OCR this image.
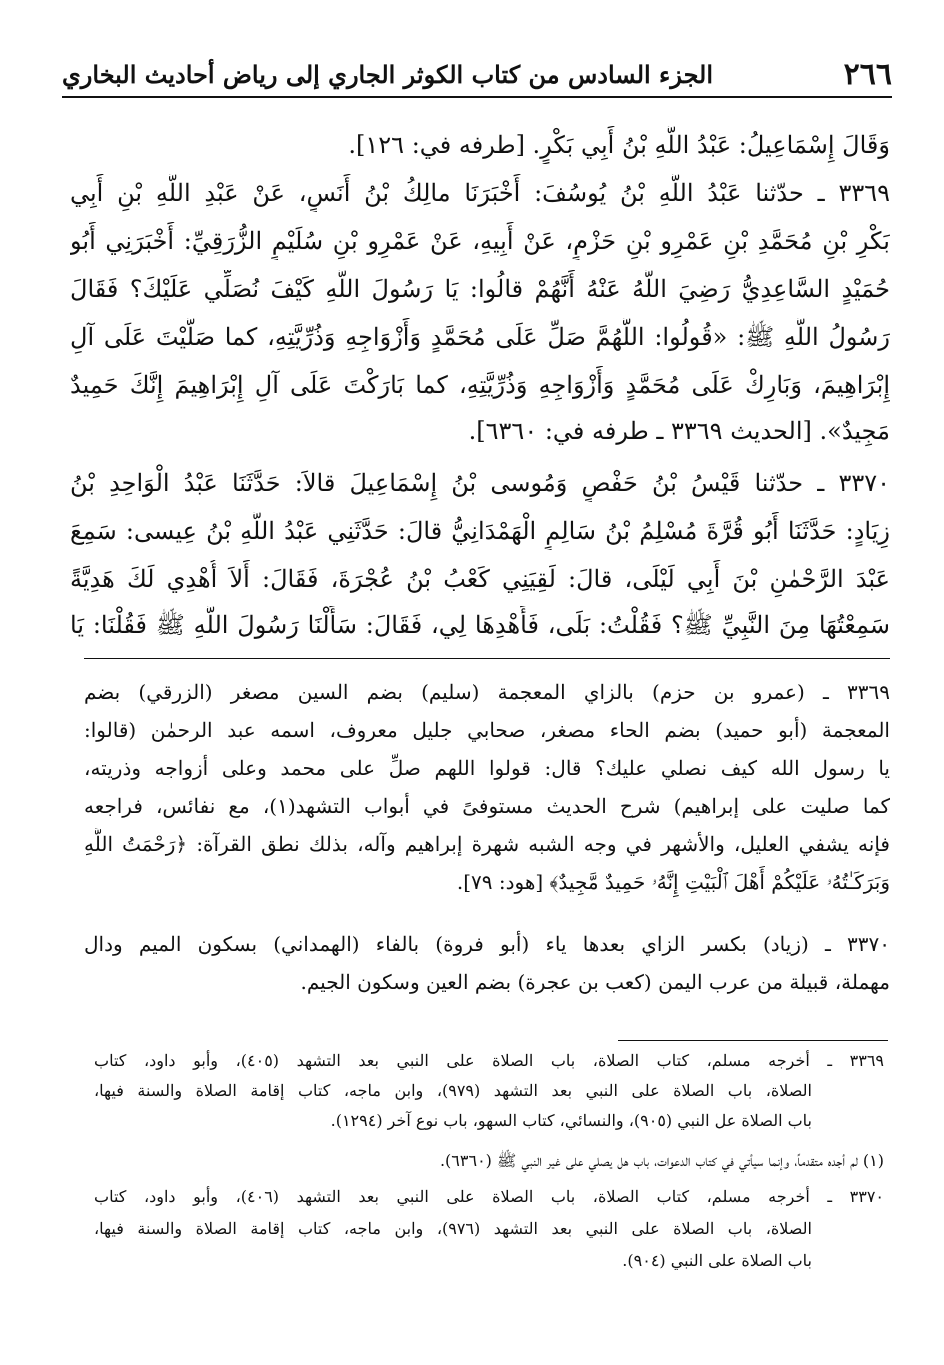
٢٦٦
الجزء السادس من كتاب الكوثر الجاري إلى رياض أحاديث البخاري

وَقَالَ إِسْمَاعِيلُ: عَبْدُ اللَّهِ بْنُ أَبِي بَكْرٍ. [طرفه في: ١٢٦].

٣٣٦٩ ـ حدّثنا عَبْدُ اللَّهِ بْنُ يُوسُفَ: أَخْبَرَنَا مالِكُ بْنُ أَنَسٍ، عَنْ عَبْدِ اللَّهِ بْنِ أَبِي

بَكْرِ بْنِ مُحَمَّدِ بْنِ عَمْرِو بْنِ حَزْمٍ، عَنْ أَبِيهِ، عَنْ عَمْرِو بْنِ سُلَيْمٍ الزُّرَقِيِّ: أَخْبَرَنِي أَبُو

حُمَيْدٍ السَّاعِدِيُّ رَضِيَ اللَّهُ عَنْهُ أَنَّهُمْ قالُوا: يَا رَسُولَ اللَّهِ كَيْفَ نُصَلِّي عَلَيْكَ؟ فَقَالَ

رَسُولُ اللَّهِ ﷺ: «قُولُوا: اللَّهُمَّ صَلِّ عَلَى مُحَمَّدٍ وَأَزْوَاجِهِ وَذُرِّيَّتِهِ، كما صَلَّيْتَ عَلَى آلِ

إِبْرَاهِيمَ، وَبَارِكْ عَلَى مُحَمَّدٍ وَأَزْوَاجِهِ وَذُرِّيَّتِهِ، كما بَارَكْتَ عَلَى آلِ إِبْرَاهِيمَ إِنَّكَ حَمِيدٌ

مَجِيدٌ». [الحديث ٣٣٦٩ ـ طرفه في: ٦٣٦٠].

٣٣٧٠ ـ حدّثنا قَيْسُ بْنُ حَفْصٍ وَمُوسى بْنُ إِسْمَاعِيلَ قالاَ: حَدَّثَنَا عَبْدُ الْوَاحِدِ بْنُ

زِيَادٍ: حَدَّثَنَا أَبُو قُرَّةَ مُسْلِمُ بْنُ سَالِمٍ الْهَمْدَانِيُّ قالَ: حَدَّثَنِي عَبْدُ اللَّهِ بْنُ عِيسى: سَمِعَ

عَبْدَ الرَّحْمٰنِ بْنَ أَبِي لَيْلَى، قالَ: لَقِيَنِي كَعْبُ بْنُ عُجْرَةَ، فَقَالَ: أَلاَ أُهْدِي لَكَ هَدِيَّةً

سَمِعْتُهَا مِنَ النَّبِيِّ ﷺ؟ فَقُلْتُ: بَلَى، فَأَهْدِهَا لِي، فَقَالَ: سَأَلْنَا رَسُولَ اللَّهِ ﷺ فَقُلْنَا: يَا

٣٣٦٩ ـ (عمرو بن حزم) بالزاي المعجمة (سليم) بضم السين مصغر (الزرقي) بضم

المعجمة (أبو حميد) بضم الحاء مصغر، صحابي جليل معروف، اسمه عبد الرحمٰن (قالوا:

يا رسول الله كيف نصلي عليك؟ قال: قولوا اللهم صلِّ على محمد وعلى أزواجه وذريته،

كما صليت على إبراهيم) شرح الحديث مستوفىً في أبواب التشهد(١)، مع نفائس، فراجعه

فإنه يشفي العليل، والأشهر في وجه الشبه شهرة إبراهيم وآله، بذلك نطق القرآة: ﴿رَحْمَتُ اللَّهِ

وَبَرَكَـٰتُهُۥ عَلَيْكُمْ أَهْلَ ٱلْبَيْتِ إِنَّهُۥ حَمِيدٌ مَّجِيدٌ﴾ [هود: ٧٩].

٣٣٧٠ ـ (زياد) بكسر الزاي بعدها ياء (أبو فروة) بالفاء (الهمداني) بسكون الميم ودال

مهملة، قبيلة من عرب اليمن (كعب بن عجرة) بضم العين وسكون الجيم.

٣٣٦٩ ـ أخرجه مسلم، كتاب الصلاة، باب الصلاة على النبي بعد التشهد (٤٠٥)، وأبو داود، كتاب

الصلاة، باب الصلاة على النبي بعد التشهد (٩٧٩)، وابن ماجه، كتاب إقامة الصلاة والسنة فيها،

باب الصلاة عل النبي (٩٠٥)، والنسائي، كتاب السهو، باب نوع آخر (١٢٩٤).

(١) لم أجده متقدماً، وإنما سيأتي في كتاب الدعوات، باب هل يصلي على غير النبي ﷺ (٦٣٦٠).

٣٣٧٠ ـ أخرجه مسلم، كتاب الصلاة، باب الصلاة على النبي بعد التشهد (٤٠٦)، وأبو داود، كتاب

الصلاة، باب الصلاة على النبي بعد التشهد (٩٧٦)، وابن ماجه، كتاب إقامة الصلاة والسنة فيها،

باب الصلاة على النبي (٩٠٤).
